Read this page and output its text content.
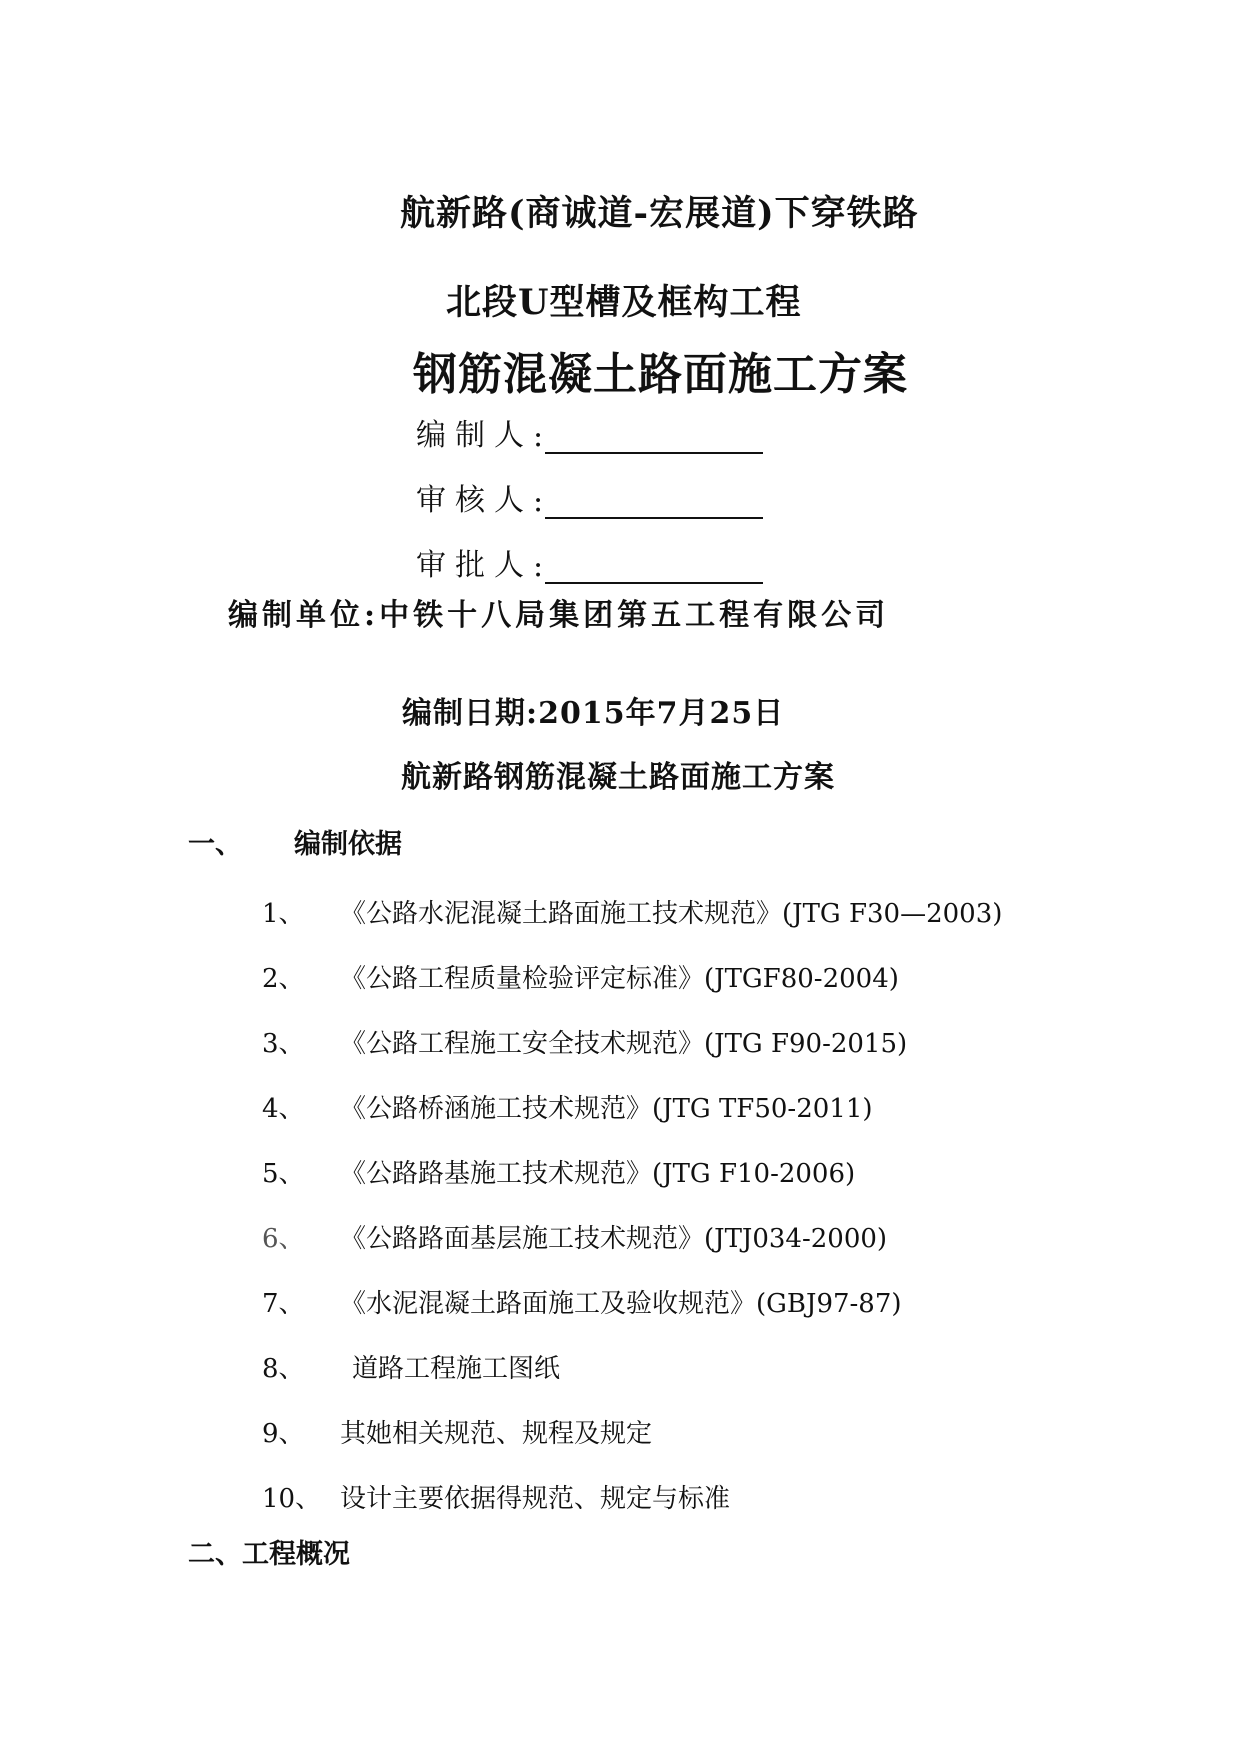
航新路(商诚道-宏展道)下穿铁路
北段U型槽及框构工程
钢筋混凝土路面施工方案
编制人 :
审核人 :
审批人 :
编制单位:中铁十八局集团第五工程有限公司
编制日期:2015年7月25日
航新路钢筋混凝土路面施工方案
一、 编制依据
1、 《公路水泥混凝土路面施工技术规范》(JTG F30—2003)
2、 《公路工程质量检验评定标准》(JTGF80-2004)
3、 《公路工程施工安全技术规范》(JTG F90-2015)
4、 《公路桥涵施工技术规范》(JTG TF50-2011)
5、 《公路路基施工技术规范》(JTG F10-2006)
6、 《公路路面基层施工技术规范》(JTJ034-2000)
7、 《水泥混凝土路面施工及验收规范》(GBJ97-87)
8、 道路工程施工图纸
9、 其她相关规范、规程及规定
10、 设计主要依据得规范、规定与标准
二、工程概况
